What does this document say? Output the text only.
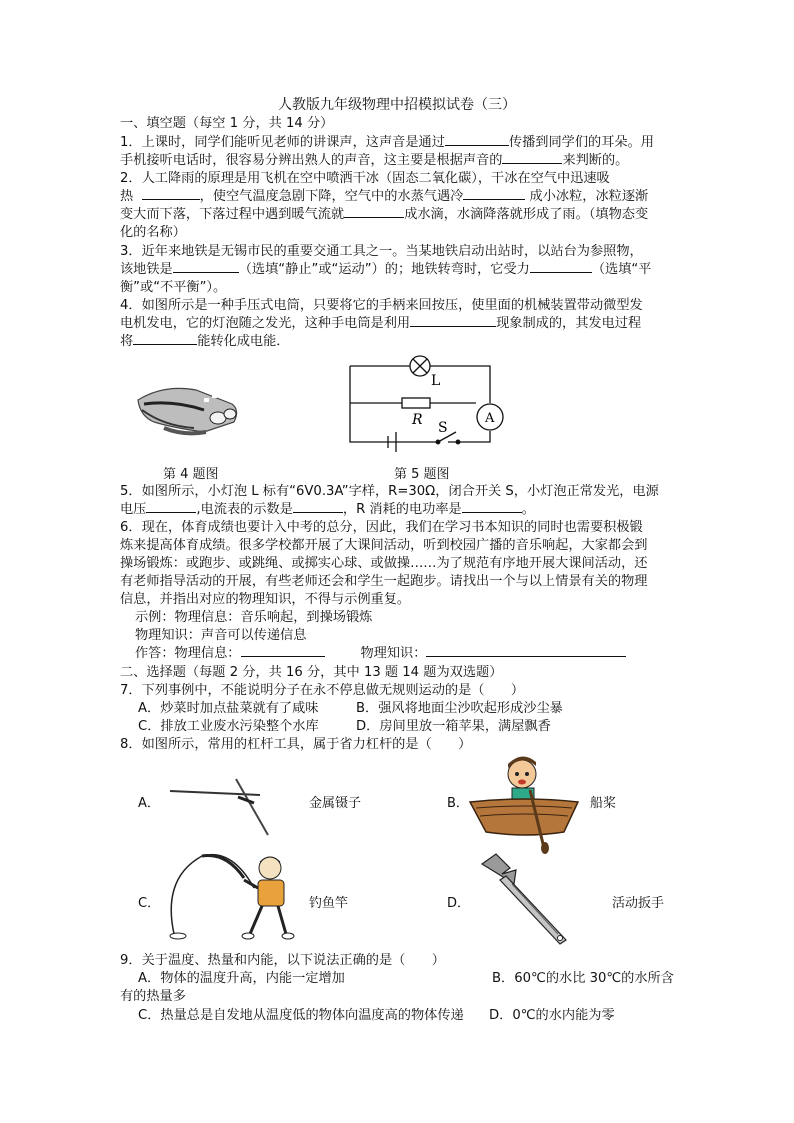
人教版九年级物理中招模拟试卷（三）
一、填空题（每空 1 分，共 14 分）
1．上课时，同学们能听见老师的讲课声，这声音是通过	传播到同学们的耳朵。用
手机接听电话时，很容易分辨出熟人的声音，这主要是根据声音的	来判断的。
2．人工降雨的原理是用飞机在空中喷洒干冰（固态二氧化碳），干冰在空气中迅速吸
热	，使空气温度急剧下降，空气中的水蒸气遇冷	成小冰粒，冰粒逐渐
变大而下落，下落过程中遇到暖气流就	成水滴，水滴降落就形成了雨。（填物态变
化的名称）
3．近年来地铁是无锡市民的重要交通工具之一。当某地铁启动出站时，以站台为参照物，
该地铁是	（选填“静止”或“运动”）的；地铁转弯时，它受力	（选填“平
衡”或“不平衡”）。
4．如图所示是一种手压式电筒，只要将它的手柄来回按压，使里面的机械装置带动微型发
电机发电，它的灯泡随之发光，这种手电筒是利用	现象制成的，其发电过程
将	能转化成电能．
第 4 题图
L
R S
A
第 5 题图
5．如图所示，小灯泡 L 标有“6V0.3A”字样，R=30Ω，闭合开关 S，小灯泡正常发光，电源
电压	,电流表的示数是	，R 消耗的电功率是	。
6．现在，体育成绩也要计入中考的总分，因此，我们在学习书本知识的同时也需要积极锻
炼来提高体育成绩。很多学校都开展了大课间活动，听到校园广播的音乐响起，大家都会到
操场锻炼：或跑步、或跳绳、或掷实心球、或做操……为了规范有序地开展大课间活动，还
有老师指导活动的开展，有些老师还会和学生一起跑步。请找出一个与以上情景有关的物理
信息，并指出对应的物理知识，不得与示例重复。
示例：物理信息：音乐响起，到操场锻炼
物理知识：声音可以传递信息
作答：物理信息：	物理知识：
二、选择题（每题 2 分，共 16 分，其中 13 题 14 题为双选题）
7．下列事例中，不能说明分子在永不停息做无规则运动的是（　　）
A．炒菜时加点盐菜就有了咸味	B．强风将地面尘沙吹起形成沙尘暴
C．排放工业废水污染整个水库	D．房间里放一箱苹果，满屋飘香
8．如图所示，常用的杠杆工具，属于省力杠杆的是（　　）
A．	金属镊子	B．	船桨
C．	钓鱼竿	D．	活动扳手
9．关于温度、热量和内能，以下说法正确的是（　　）
A．物体的温度升高，内能一定增加	B．60℃的水比 30℃的水所含
有的热量多
C．热量总是自发地从温度低的物体向温度高的物体传递 D．0℃的水内能为零
